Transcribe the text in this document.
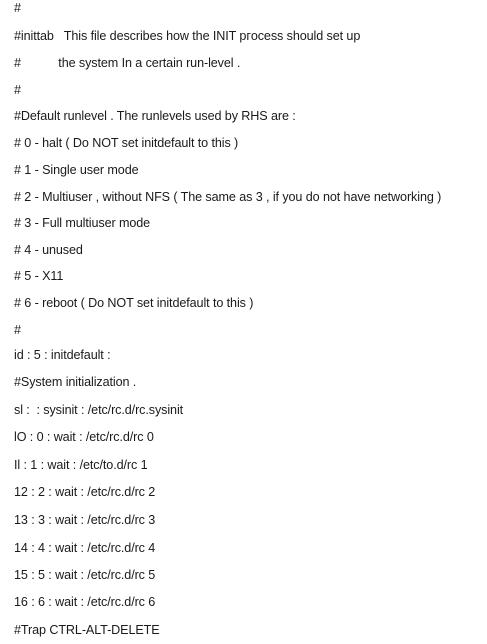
#
#inittab   This file describes how the INIT pгocess should set up
#           the system In a certain run-level .
#
#Default runlevel . The runlevels used by RHS are :
# 0 - halt ( Do NOT set initdefault to this )
# 1 - Single user mode
# 2 - Multiuser , without NFS ( The same as 3 , if you do not have networking )
# 3 - Full multiuser mode
# 4 - unused
# 5 - X11
# 6 - reboot ( Do NOT set initdefault to this )
#
id : 5 : initdefault :
#System initialization .
sl :  : sysinit : /etc/rc.d/rc.sysinit
lO : 0 : wait : /etc/rc.d/rc 0
Il : 1 : wait : /etc/to.d/rc 1
12 : 2 : wait : /etc/rc.d/rc 2
13 : 3 : wait : /etc/rc.d/rc 3
14 : 4 : wait : /etc/rc.d/rc 4
15 : 5 : wait : /etc/rc.d/rc 5
16 : 6 : wait : /etc/rc.d/rc 6
#Trap CTRL-ALT-DELETE
